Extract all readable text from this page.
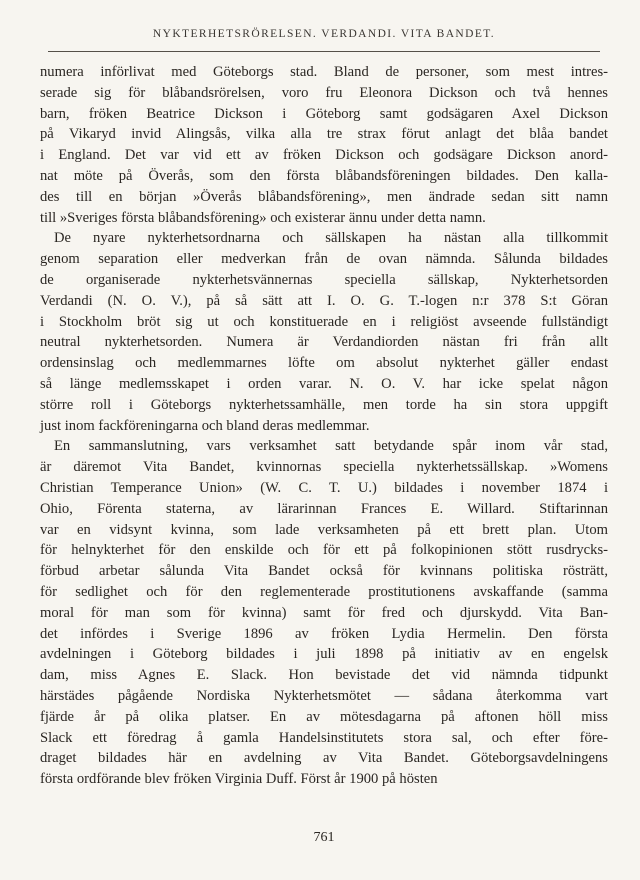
NYKTERHETSRÖRELSEN. VERDANDI. VITA BANDET.
numera införlivat med Göteborgs stad. Bland de personer, som mest intres-
serade sig för blåbandsrörelsen, voro fru Eleonora Dickson och två hennes
barn, fröken Beatrice Dickson i Göteborg samt godsägaren Axel Dickson
på Vikaryd invid Alingsås, vilka alla tre strax förut anlagt det blåa bandet
i England. Det var vid ett av fröken Dickson och godsägare Dickson anord-
nat möte på Överås, som den första blåbandsföreningen bildades. Den kalla-
des till en början »Överås blåbandsförening», men ändrade sedan sitt namn
till »Sveriges första blåbandsförening» och existerar ännu under detta namn.
De nyare nykterhetsordnarna och sällskapen ha nästan alla tillkommit
genom separation eller medverkan från de ovan nämnda. Sålunda bildades
de organiserade nykterhetsvännernas speciella sällskap, Nykterhetsorden
Verdandi (N. O. V.), på så sätt att I. O. G. T.-logen n:r 378 S:t Göran
i Stockholm bröt sig ut och konstituerade en i religiöst avseende fullständigt
neutral nykterhetsorden. Numera är Verdandiorden nästan fri från allt
ordensinslag och medlemmarnes löfte om absolut nykterhet gäller endast
så länge medlemsskapet i orden varar. N. O. V. har icke spelat någon
större roll i Göteborgs nykterhetssamhälle, men torde ha sin stora uppgift
just inom fackföreningarna och bland deras medlemmar.
En sammanslutning, vars verksamhet satt betydande spår inom vår stad,
är däremot Vita Bandet, kvinnornas speciella nykterhetssällskap. »Womens
Christian Temperance Union» (W. C. T. U.) bildades i november 1874 i
Ohio, Förenta staterna, av lärarinnan Frances E. Willard. Stiftarinnan
var en vidsynt kvinna, som lade verksamheten på ett brett plan. Utom
för helnykterhet för den enskilde och för ett på folkopinionen stött rusdrycks-
förbud arbetar sålunda Vita Bandet också för kvinnans politiska rösträtt,
för sedlighet och för den reglementerade prostitutionens avskaffande (samma
moral för man som för kvinna) samt för fred och djurskydd. Vita Ban-
det infördes i Sverige 1896 av fröken Lydia Hermelin. Den första
avdelningen i Göteborg bildades i juli 1898 på initiativ av en engelsk
dam, miss Agnes E. Slack. Hon bevistade det vid nämnda tidpunkt
härstädes pågående Nordiska Nykterhetsmötet — sådana återkomma vart
fjärde år på olika platser. En av mötesdagarna på aftonen höll miss
Slack ett föredrag å gamla Handelsinstitutets stora sal, och efter före-
draget bildades här en avdelning av Vita Bandet. Göteborgsavdelningens
första ordförande blev fröken Virginia Duff. Först år 1900 på hösten
761
